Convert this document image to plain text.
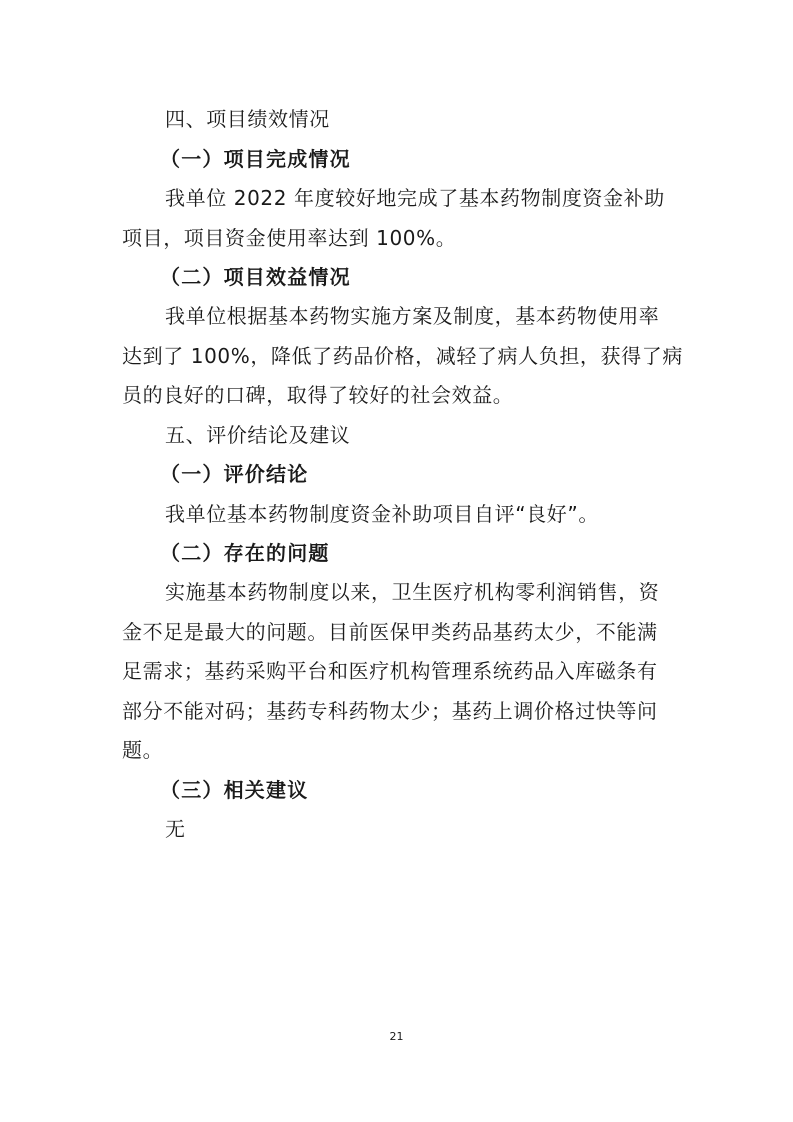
四、项目绩效情况
（一）项目完成情况
我单位 2022 年度较好地完成了基本药物制度资金补助
项目，项目资金使用率达到 100%。
（二）项目效益情况
我单位根据基本药物实施方案及制度，基本药物使用率
达到了 100%，降低了药品价格，减轻了病人负担，获得了病
员的良好的口碑，取得了较好的社会效益。
五、评价结论及建议
（一）评价结论
我单位基本药物制度资金补助项目自评“良好”。
（二）存在的问题
实施基本药物制度以来，卫生医疗机构零利润销售，资
金不足是最大的问题。目前医保甲类药品基药太少，不能满
足需求；基药采购平台和医疗机构管理系统药品入库磁条有
部分不能对码；基药专科药物太少；基药上调价格过快等问
题。
（三）相关建议
无
21
